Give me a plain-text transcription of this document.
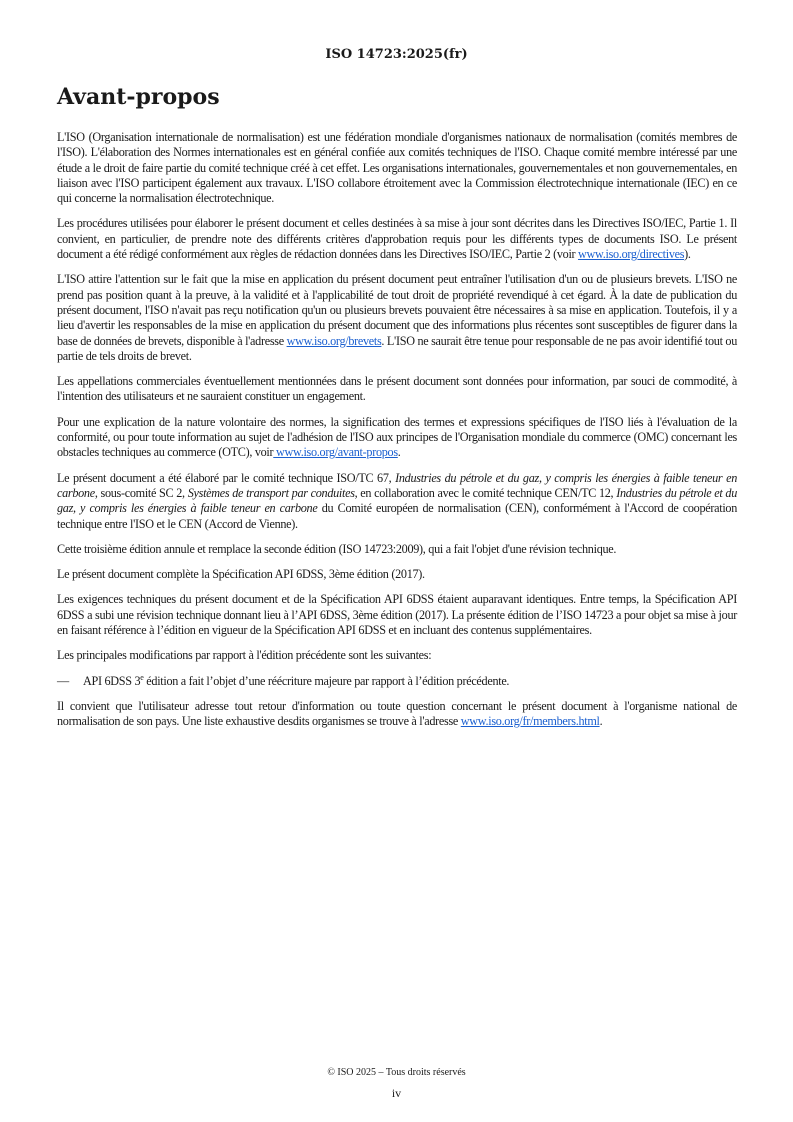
ISO 14723:2025(fr)
Avant-propos

L'ISO (Organisation internationale de normalisation) est une fédération mondiale d'organismes nationaux de normalisation (comités membres de l'ISO). L'élaboration des Normes internationales est en général confiée aux comités techniques de l'ISO. Chaque comité membre intéressé par une étude a le droit de faire partie du comité technique créé à cet effet. Les organisations internationales, gouvernementales et non gouvernementales, en liaison avec l'ISO participent également aux travaux. L'ISO collabore étroitement avec la Commission électrotechnique internationale (IEC) en ce qui concerne la normalisation électrotechnique.

Les procédures utilisées pour élaborer le présent document et celles destinées à sa mise à jour sont décrites dans les Directives ISO/IEC, Partie 1. Il convient, en particulier, de prendre note des différents critères d'approbation requis pour les différents types de documents ISO. Le présent document a été rédigé conformément aux règles de rédaction données dans les Directives ISO/IEC, Partie 2 (voir www.iso.org/directives).

L'ISO attire l'attention sur le fait que la mise en application du présent document peut entraîner l'utilisation d'un ou de plusieurs brevets. L'ISO ne prend pas position quant à la preuve, à la validité et à l'applicabilité de tout droit de propriété revendiqué à cet égard. À la date de publication du présent document, l'ISO n'avait pas reçu notification qu'un ou plusieurs brevets pouvaient être nécessaires à sa mise en application. Toutefois, il y a lieu d'avertir les responsables de la mise en application du présent document que des informations plus récentes sont susceptibles de figurer dans la base de données de brevets, disponible à l'adresse www.iso.org/brevets. L'ISO ne saurait être tenue pour responsable de ne pas avoir identifié tout ou partie de tels droits de brevet.

Les appellations commerciales éventuellement mentionnées dans le présent document sont données pour information, par souci de commodité, à l'intention des utilisateurs et ne sauraient constituer un engagement.

Pour une explication de la nature volontaire des normes, la signification des termes et expressions spécifiques de l'ISO liés à l'évaluation de la conformité, ou pour toute information au sujet de l'adhésion de l'ISO aux principes de l'Organisation mondiale du commerce (OMC) concernant les obstacles techniques au commerce (OTC), voir www.iso.org/avant-propos.

Le présent document a été élaboré par le comité technique ISO/TC 67, Industries du pétrole et du gaz, y compris les énergies à faible teneur en carbone, sous-comité SC 2, Systèmes de transport par conduites, en collaboration avec le comité technique CEN/TC 12, Industries du pétrole et du gaz, y compris les énergies à faible teneur en carbone du Comité européen de normalisation (CEN), conformément à l'Accord de coopération technique entre l'ISO et le CEN (Accord de Vienne).

Cette troisième édition annule et remplace la seconde édition (ISO 14723:2009), qui a fait l'objet d'une révision technique.

Le présent document complète la Spécification API 6DSS, 3ème édition (2017).

Les exigences techniques du présent document et de la Spécification API 6DSS étaient auparavant identiques. Entre temps, la Spécification API 6DSS a subi une révision technique donnant lieu à l’API 6DSS, 3ème édition (2017). La présente édition de l’ISO 14723 a pour objet sa mise à jour en faisant référence à l’édition en vigueur de la Spécification API 6DSS et en incluant des contenus supplémentaires.

Les principales modifications par rapport à l'édition précédente sont les suivantes:

—	API 6DSS 3e édition a fait l’objet d’une réécriture majeure par rapport à l’édition précédente.

Il convient que l'utilisateur adresse tout retour d'information ou toute question concernant le présent document à l'organisme national de normalisation de son pays. Une liste exhaustive desdits organismes se trouve à l'adresse www.iso.org/fr/members.html.

© ISO 2025 – Tous droits réservés
iv
